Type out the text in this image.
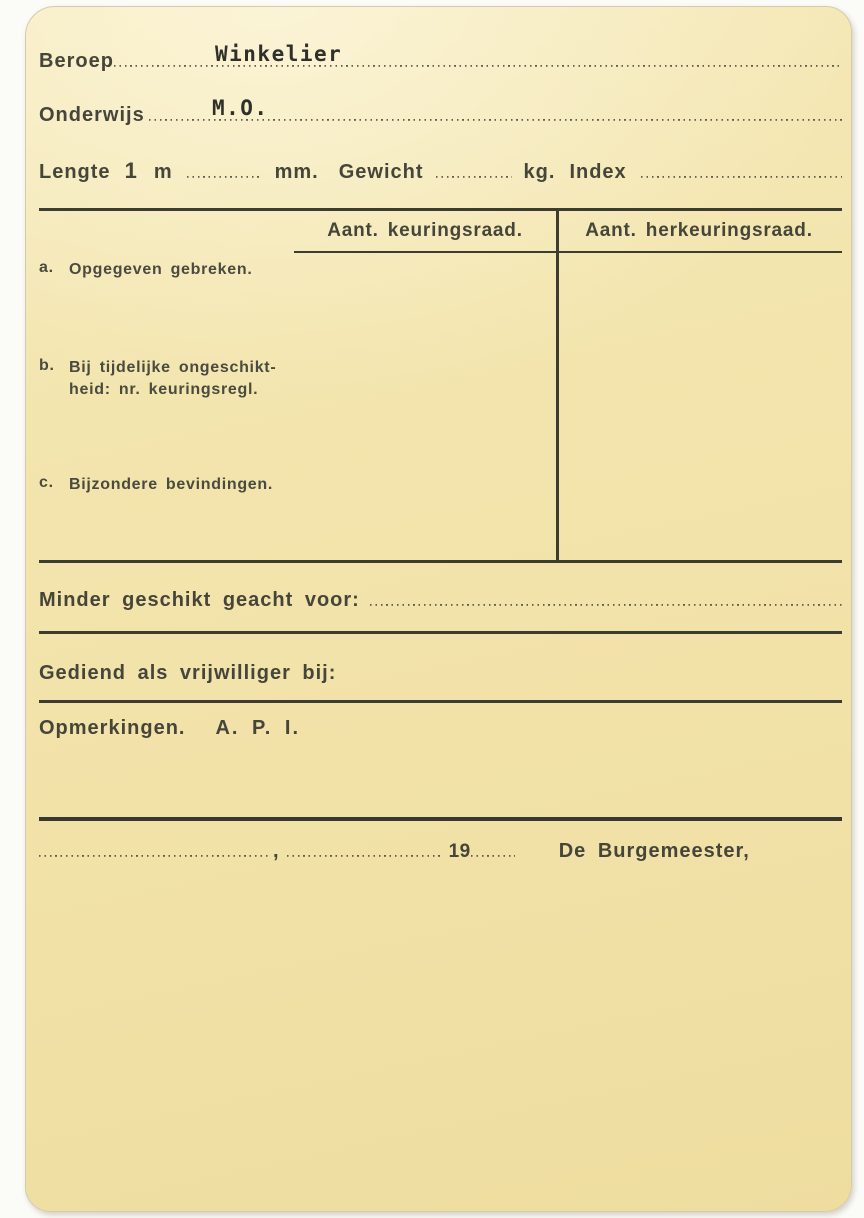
Beroep	Winkelier
Onderwijs	M.O.
Lengte 1 m	mm. Gewicht	kg. Index
Aant. keuringsraad.	Aant. herkeuringsraad.
a. Opgegeven gebreken.
b. Bij tijdelijke ongeschikt-
heid: nr. keuringsregl.
c. Bijzondere bevindingen.
Minder geschikt geacht voor:
Gediend als vrijwilliger bij:
Opmerkingen. A. P. I.
,	19	De Burgemeester,
